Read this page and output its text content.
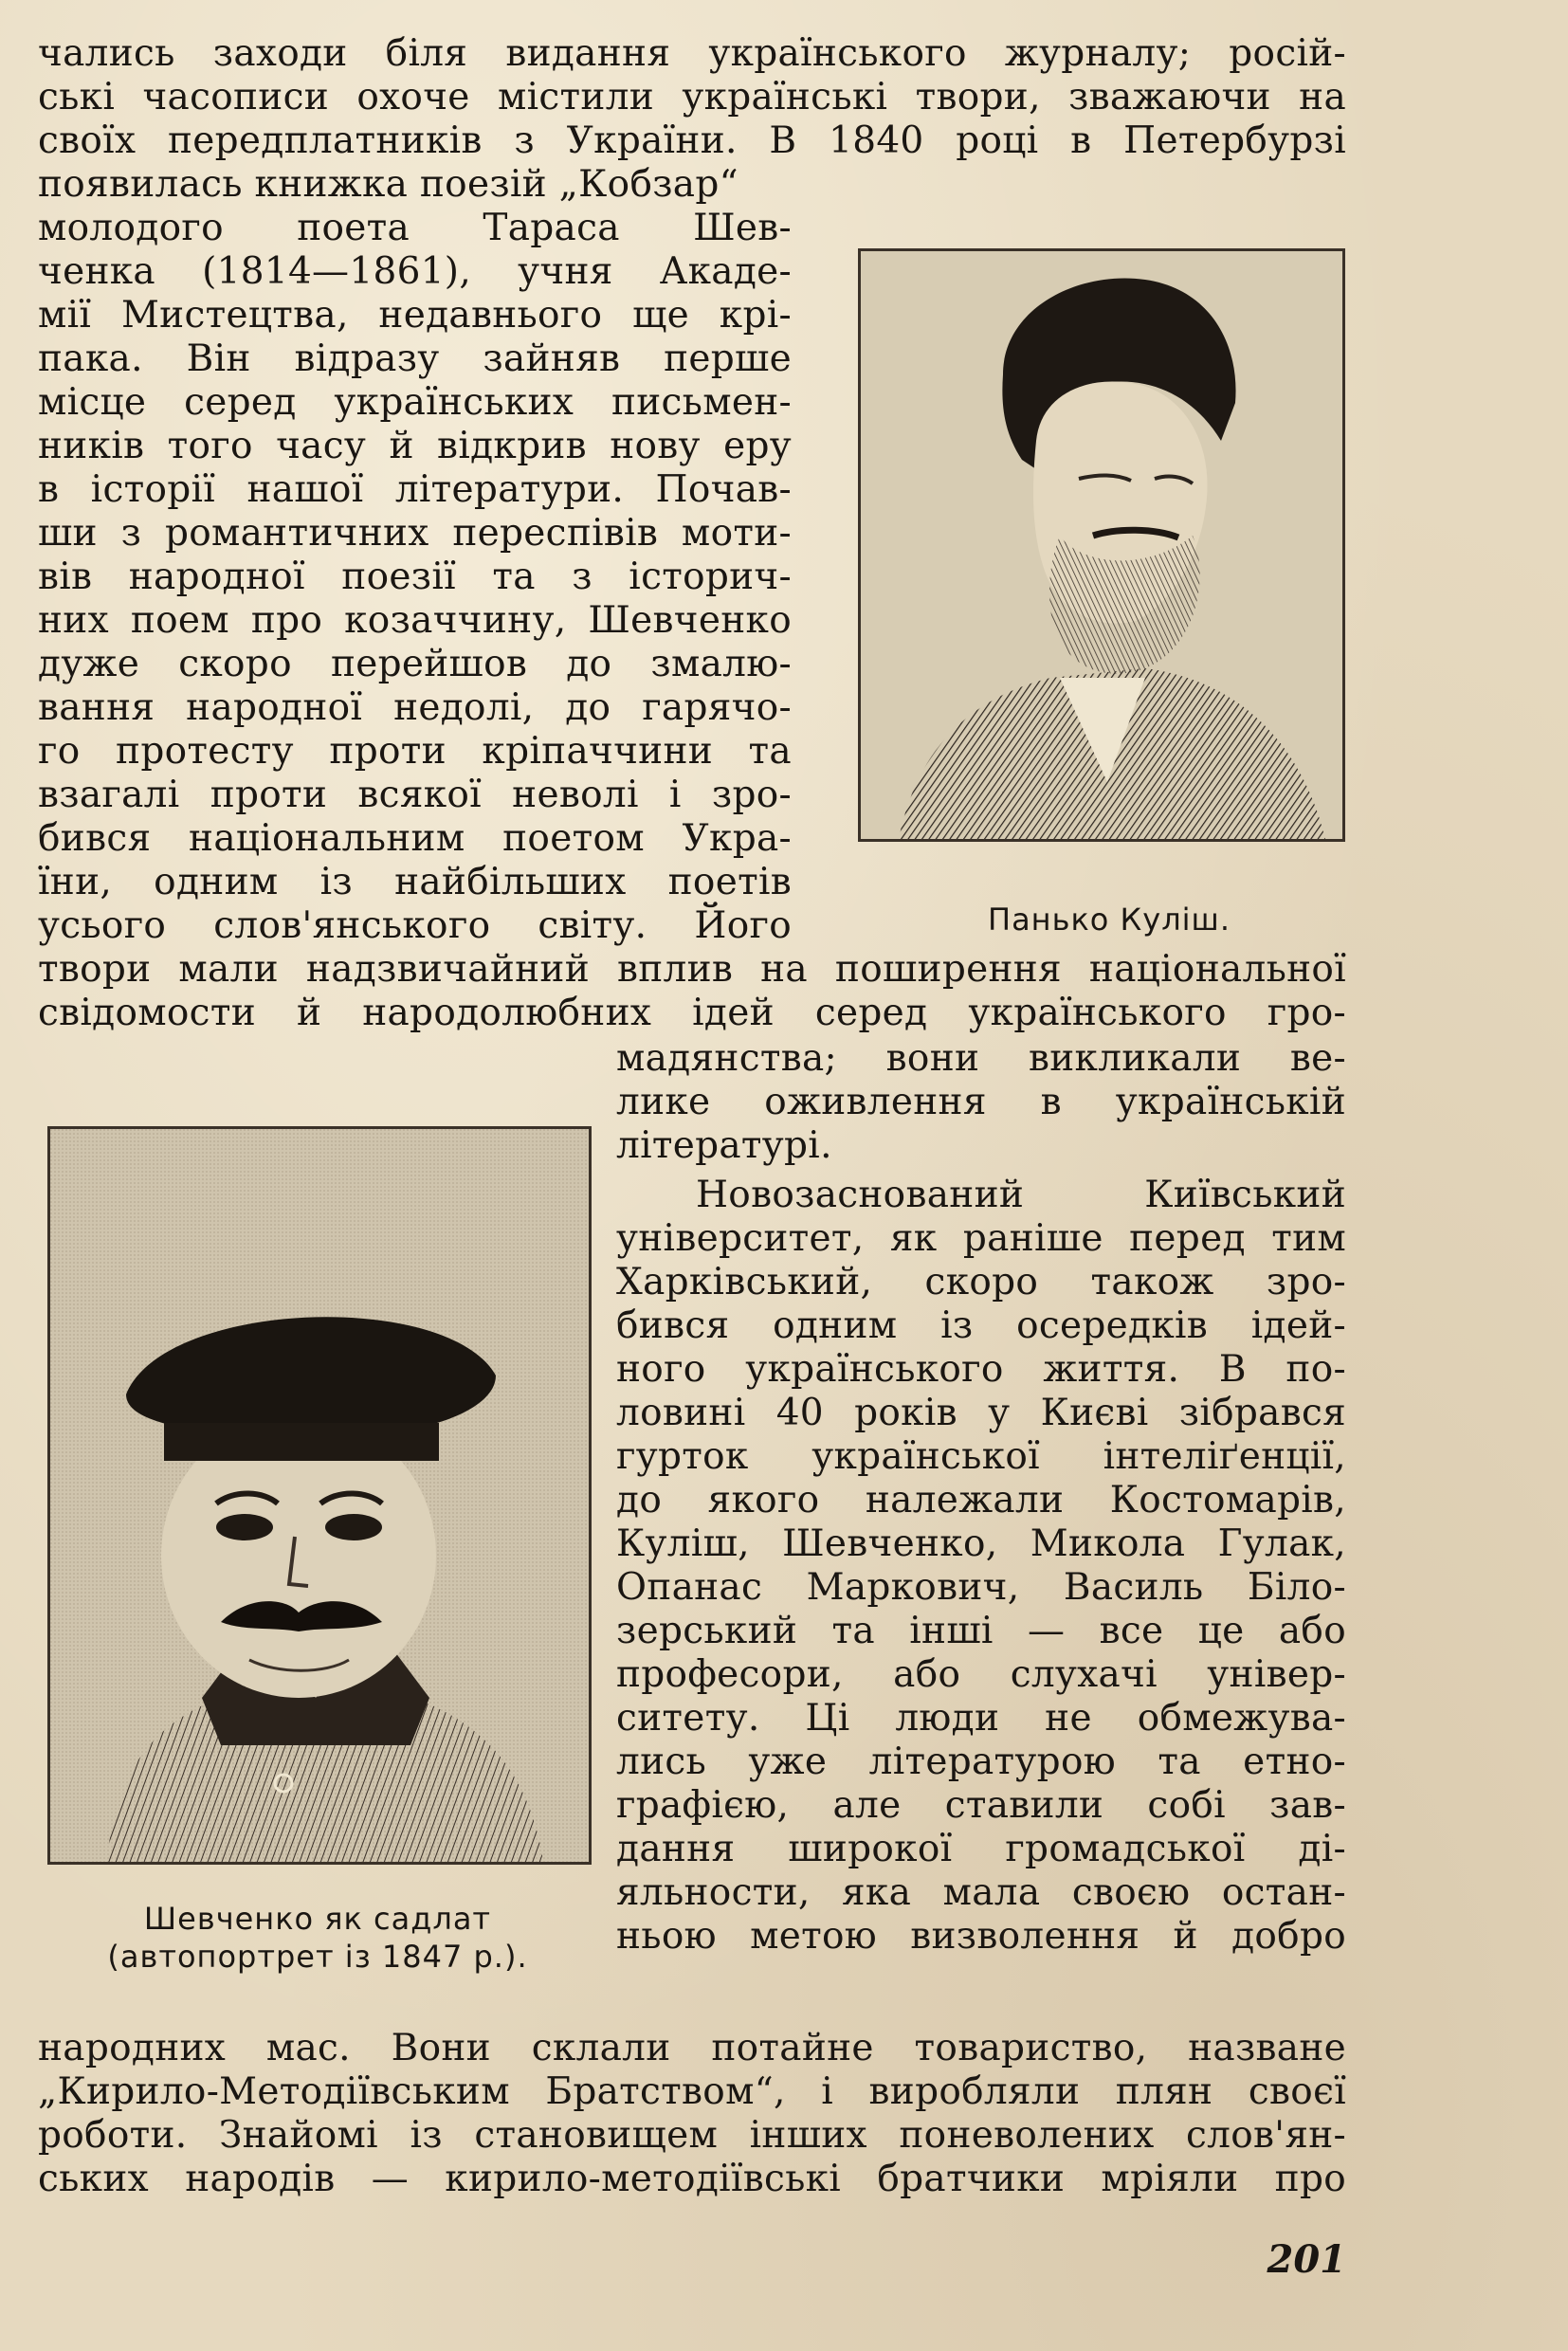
чались заходи біля видання українського журналу; росій-
ські часописи охоче містили українські твори, зважаючи на
своїх передплатників з України. В 1840 році в Петербурзі
появилась книжка поезій „Кобзар“
молодого поета Тараса Шев-
ченка (1814—1861), учня Акаде-
мії Мистецтва, недавнього ще крі-
пака. Він відразу зайняв перше
місце серед українських письмен-
ників того часу й відкрив нову еру
в історії нашої літератури. Почав-
ши з романтичних переспівів моти-
вів народної поезії та з історич-
них поем про козаччину, Шевченко
дуже скоро перейшов до змалю-
вання народної недолі, до гарячо-
го протесту проти кріпаччини та
взагалі проти всякої неволі і зро-
бився національним поетом Укра-
їни, одним із найбільших поетів
усього слов'янського світу. Його	Панько Куліш.
твори мали надзвичайний вплив на поширення національної
свідомости й народолюбних ідей серед українського гро-
Шевченко як садлат
(автопортрет із 1847 р.).
мадянства; вони викликали ве-
лике оживлення в українській
літературі.
Новозаснований Київський
університет, як раніше перед тим
Харківський, скоро також зро-
бився одним із осередків ідей-
ного українського життя. В по-
ловині 40 років у Києві зібрався
гурток української інтеліґенції,
до якого належали Костомарів,
Куліш, Шевченко, Микола Гулак,
Опанас Маркович, Василь Біло-
зерський та інші — все це або
професори, або слухачі універ-
ситету. Ці люди не обмежува-
лись уже літературою та етно-
графією, але ставили собі зав-
дання широкої громадської ді-
яльности, яка мала своєю остан-
ньою метою визволення й добро
народних мас. Вони склали потайне товариство, назване
„Кирило-Методіївським Братством“, і виробляли плян своєї
роботи. Знайомі із становищем інших поневолених слов'ян-
ських народів — кирило-методіївські братчики мріяли про
201
